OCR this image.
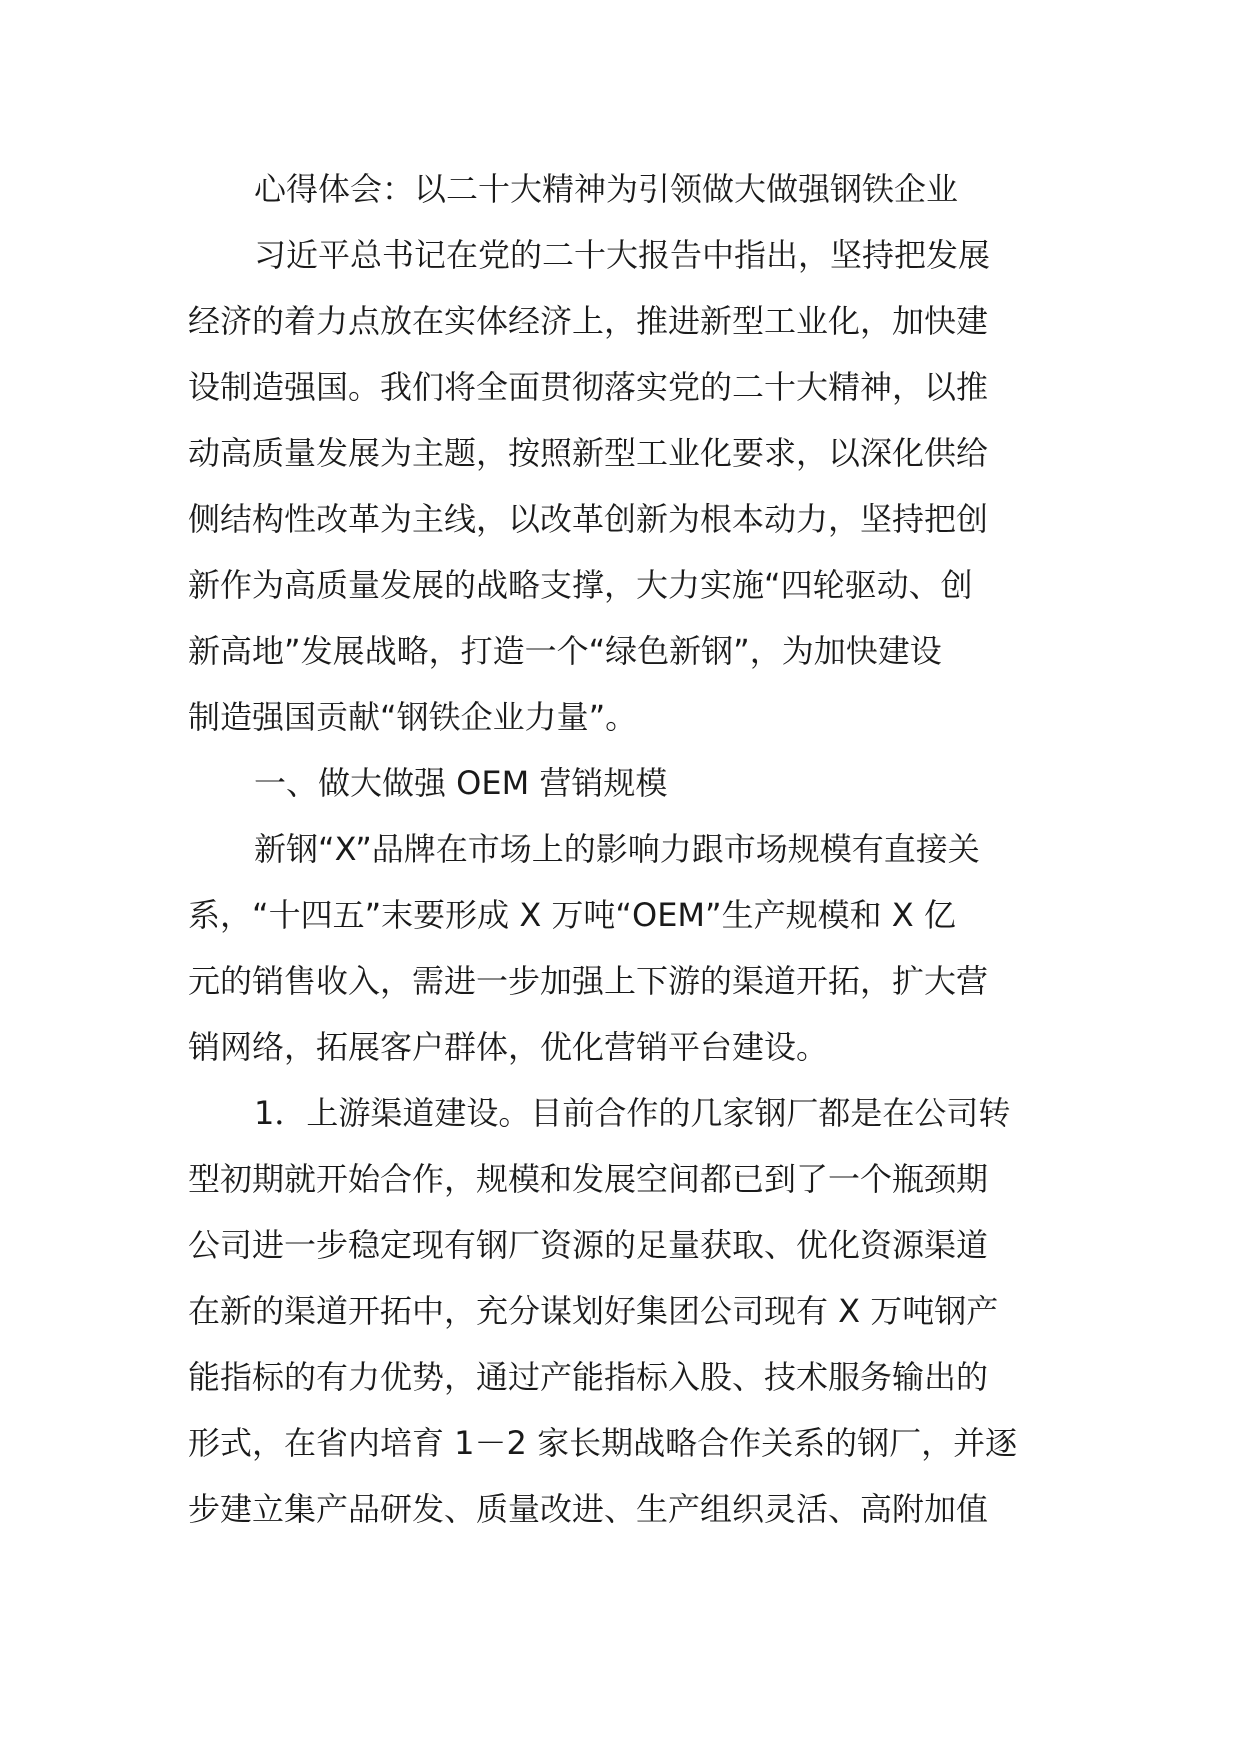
心得体会：以二十大精神为引领做大做强钢铁企业
习近平总书记在党的二十大报告中指出，坚持把发展
经济的着力点放在实体经济上，推进新型工业化，加快建
设制造强国。我们将全面贯彻落实党的二十大精神，以推
动高质量发展为主题，按照新型工业化要求，以深化供给
侧结构性改革为主线，以改革创新为根本动力，坚持把创
新作为高质量发展的战略支撑，大力实施“四轮驱动、创
新高地”发展战略，打造一个“绿色新钢”，为加快建设
制造强国贡献“钢铁企业力量”。
一、做大做强 OEM 营销规模
新钢“X”品牌在市场上的影响力跟市场规模有直接关
系，“十四五”末要形成 X 万吨“OEM”生产规模和 X 亿
元的销售收入，需进一步加强上下游的渠道开拓，扩大营
销网络，拓展客户群体，优化营销平台建设。
1．上游渠道建设。目前合作的几家钢厂都是在公司转
型初期就开始合作，规模和发展空间都已到了一个瓶颈期
公司进一步稳定现有钢厂资源的足量获取、优化资源渠道
在新的渠道开拓中，充分谋划好集团公司现有 X 万吨钢产
能指标的有力优势，通过产能指标入股、技术服务输出的
形式，在省内培育 1－2 家长期战略合作关系的钢厂，并逐
步建立集产品研发、质量改进、生产组织灵活、高附加值
